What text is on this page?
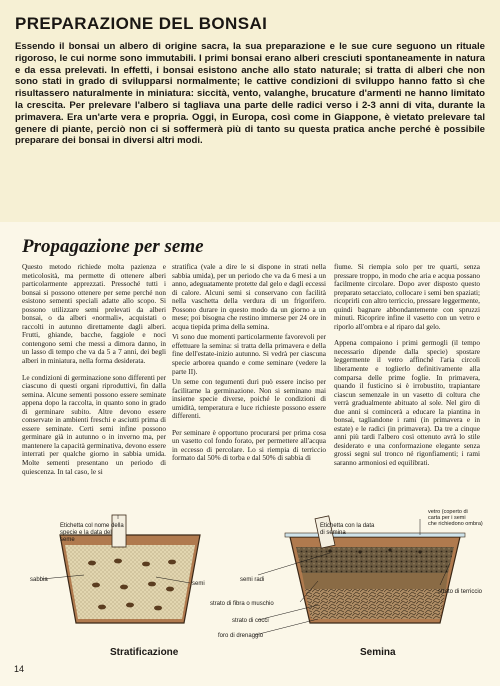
PREPARAZIONE DEL BONSAI
Essendo il bonsai un albero di origine sacra, la sua preparazione e le sue cure seguono un rituale rigoroso, le cui norme sono immutabili. I primi bonsai erano alberi cresciuti spontaneamente in natura e da essa prelevati. In effetti, i bonsai esistono anche allo stato naturale; si tratta di alberi che non sono stati in grado di svilupparsi normalmente; le cattive condizioni di sviluppo hanno fatto sì che risultassero naturalmente in miniatura: siccità, vento, valanghe, brucature d'armenti ne hanno limitato la crescita. Per prelevare l'albero si tagliava una parte delle radici verso i 2-3 anni di vita, durante la primavera. Era un'arte vera e propria. Oggi, in Europa, così come in Giappone, è vietato prelevare tal genere di piante, perciò non ci si soffermerà più di tanto su questa pratica anche perché è possibile preparare dei bonsai in diversi altri modi.
Propagazione per seme

Questo metodo richiede molta pazienza e meticolosità, ma permette di ottenere alberi particolarmente apprezzati. Pressoché tutti i bonsai si possono ottenere per seme perché non esistono sementi speciali adatte allo scopo. Si possono utilizzare semi prelevati da alberi bonsai, o da alberi «normali», acquistati o raccolti in autunno direttamente dagli alberi. Frutti, ghiande, bacche, faggiole e noci contengono semi che messi a dimora danno, in un lasso di tempo che va da 5 a 7 anni, dei begli alberi in miniatura, nella forma desiderata.

Le condizioni di germinazione sono differenti per ciascuno di questi organi riproduttivi, fin dalla semina. Alcune sementi possono essere seminate appena dopo la raccolta, in quanto sono in grado di germinare subito. Altre devono essere conservate in ambienti freschi e asciutti prima di essere seminate. Certi semi infine possono germinare già in autunno o in inverno ma, per mantenere la capacità germinativa, devono essere interrati per qualche giorno in sabbia umida. Molte sementi presentano un periodo di quiescenza. In tal caso, le si

stratifica (vale a dire le si dispone in strati nella sabbia umida), per un periodo che va da 6 mesi a un anno, adeguatamente protette dal gelo e dagli eccessi di calore. Alcuni semi si conservano con facilità nella vaschetta della verdura di un frigorifero. Possono durare in questo modo da un giorno a un mese; poi bisogna che restino immerse per 24 ore in acqua tiepida prima della semina.

Vi sono due momenti particolarmente favorevoli per effettuare la semina: si tratta della primavera e della fine dell'estate-inizio autunno. Si vedrà per ciascuna specie arborea quando e come seminare (vedere la parte II).

Un seme con tegumenti duri può essere inciso per facilitarne la germinazione. Non si seminano mai insieme specie diverse, poiché le condizioni di umidità, temperatura e luce richieste possono essere differenti.

Per seminare è opportuno procurarsi per prima cosa un vasetto col fondo forato, per permettere all'acqua in eccesso di percolare. Lo si riempia di terriccio formato dal 50% di torba e dal 50% di sabbia di

fiume. Si riempia solo per tre quarti, senza pressare troppo, in modo che aria e acqua possano facilmente circolare. Dopo aver disposto questo preparato setacciato, collocare i semi ben spaziati; ricoprirli con altro terriccio, pressare leggermente, quindi bagnare abbondantemente con spruzzi minuti. Ricoprire infine il vasetto con un vetro e riporlo all'ombra e al riparo dal gelo.

Appena compaiono i primi germogli (il tempo necessario dipende dalla specie) spostare leggermente il vetro affinché l'aria circoli liberamente e toglierlo definitivamente alla comparsa delle prime foglie. In primavera, quando il fusticino si è irrobustito, trapiantare ciascun semenzale in un vasetto di coltura che verrà gradualmente abituato al sole. Nel giro di due anni si comincerà a educare la piantina in bonsai, tagliandone i rami (in primavera e in estate) e le radici (in primavera). Da tre a cinque anni più tardi l'albero così ottenuto avrà lo stile desiderato e una conformazione elegante senza grossi segni sul tronco né rigonfiamenti; i rami saranno armoniosi ed equilibrati.

Etichetta col nome della specie e la data del seme
sabbia
semi
Stratificazione
semi radi
strato di fibra o muschio
strato di cocci
foro di drenaggio
Etichetta con la data di semina
vetro (coperto di carta per i semi che richiedono ombra)
strato di terriccio
Semina
14
